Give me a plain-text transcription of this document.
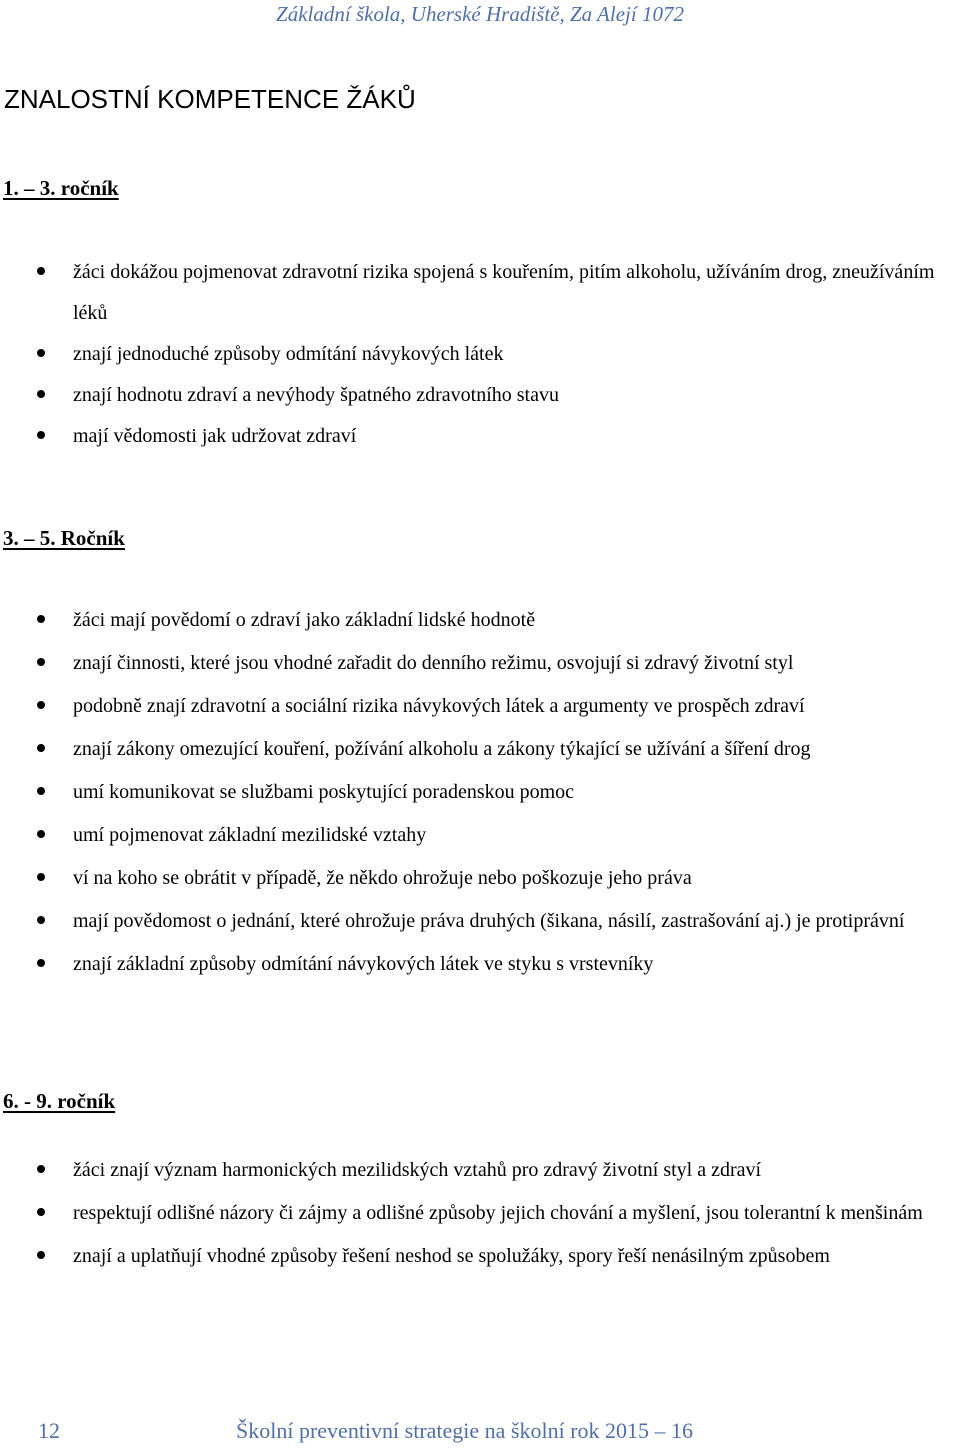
Základní škola, Uherské Hradiště, Za Alejí 1072
ZNALOSTNÍ KOMPETENCE ŽÁKŮ
1. – 3. ročník
žáci dokážou pojmenovat zdravotní rizika spojená s kouřením, pitím alkoholu, užíváním drog, zneužíváním léků
znají jednoduché způsoby odmítání návykových látek
znají hodnotu zdraví a nevýhody špatného zdravotního stavu
mají vědomosti jak udržovat zdraví
3. – 5. Ročník
žáci mají povědomí o zdraví jako základní lidské hodnotě
znají činnosti, které jsou vhodné zařadit do denního režimu, osvojují si zdravý životní styl
podobně znají zdravotní a sociální rizika návykových látek a argumenty ve prospěch zdraví
znají zákony omezující kouření, požívání alkoholu a zákony týkající se užívání a šíření drog
umí komunikovat se službami poskytující poradenskou pomoc
umí pojmenovat základní mezilidské vztahy
ví na koho se obrátit v případě, že někdo ohrožuje nebo poškozuje jeho práva
mají povědomost o jednání, které ohrožuje práva druhých (šikana, násilí, zastrašování aj.) je protiprávní
znají základní způsoby odmítání návykových látek ve styku s vrstevníky
6. - 9. ročník
žáci znají význam harmonických mezilidských vztahů pro zdravý životní styl a zdraví
respektují odlišné názory či zájmy a odlišné způsoby jejich chování a myšlení, jsou tolerantní k menšinám
znají a uplatňují vhodné způsoby řešení neshod se spolužáky, spory řeší nenásilným způsobem
12	Školní preventivní strategie na školní rok 2015 – 16
